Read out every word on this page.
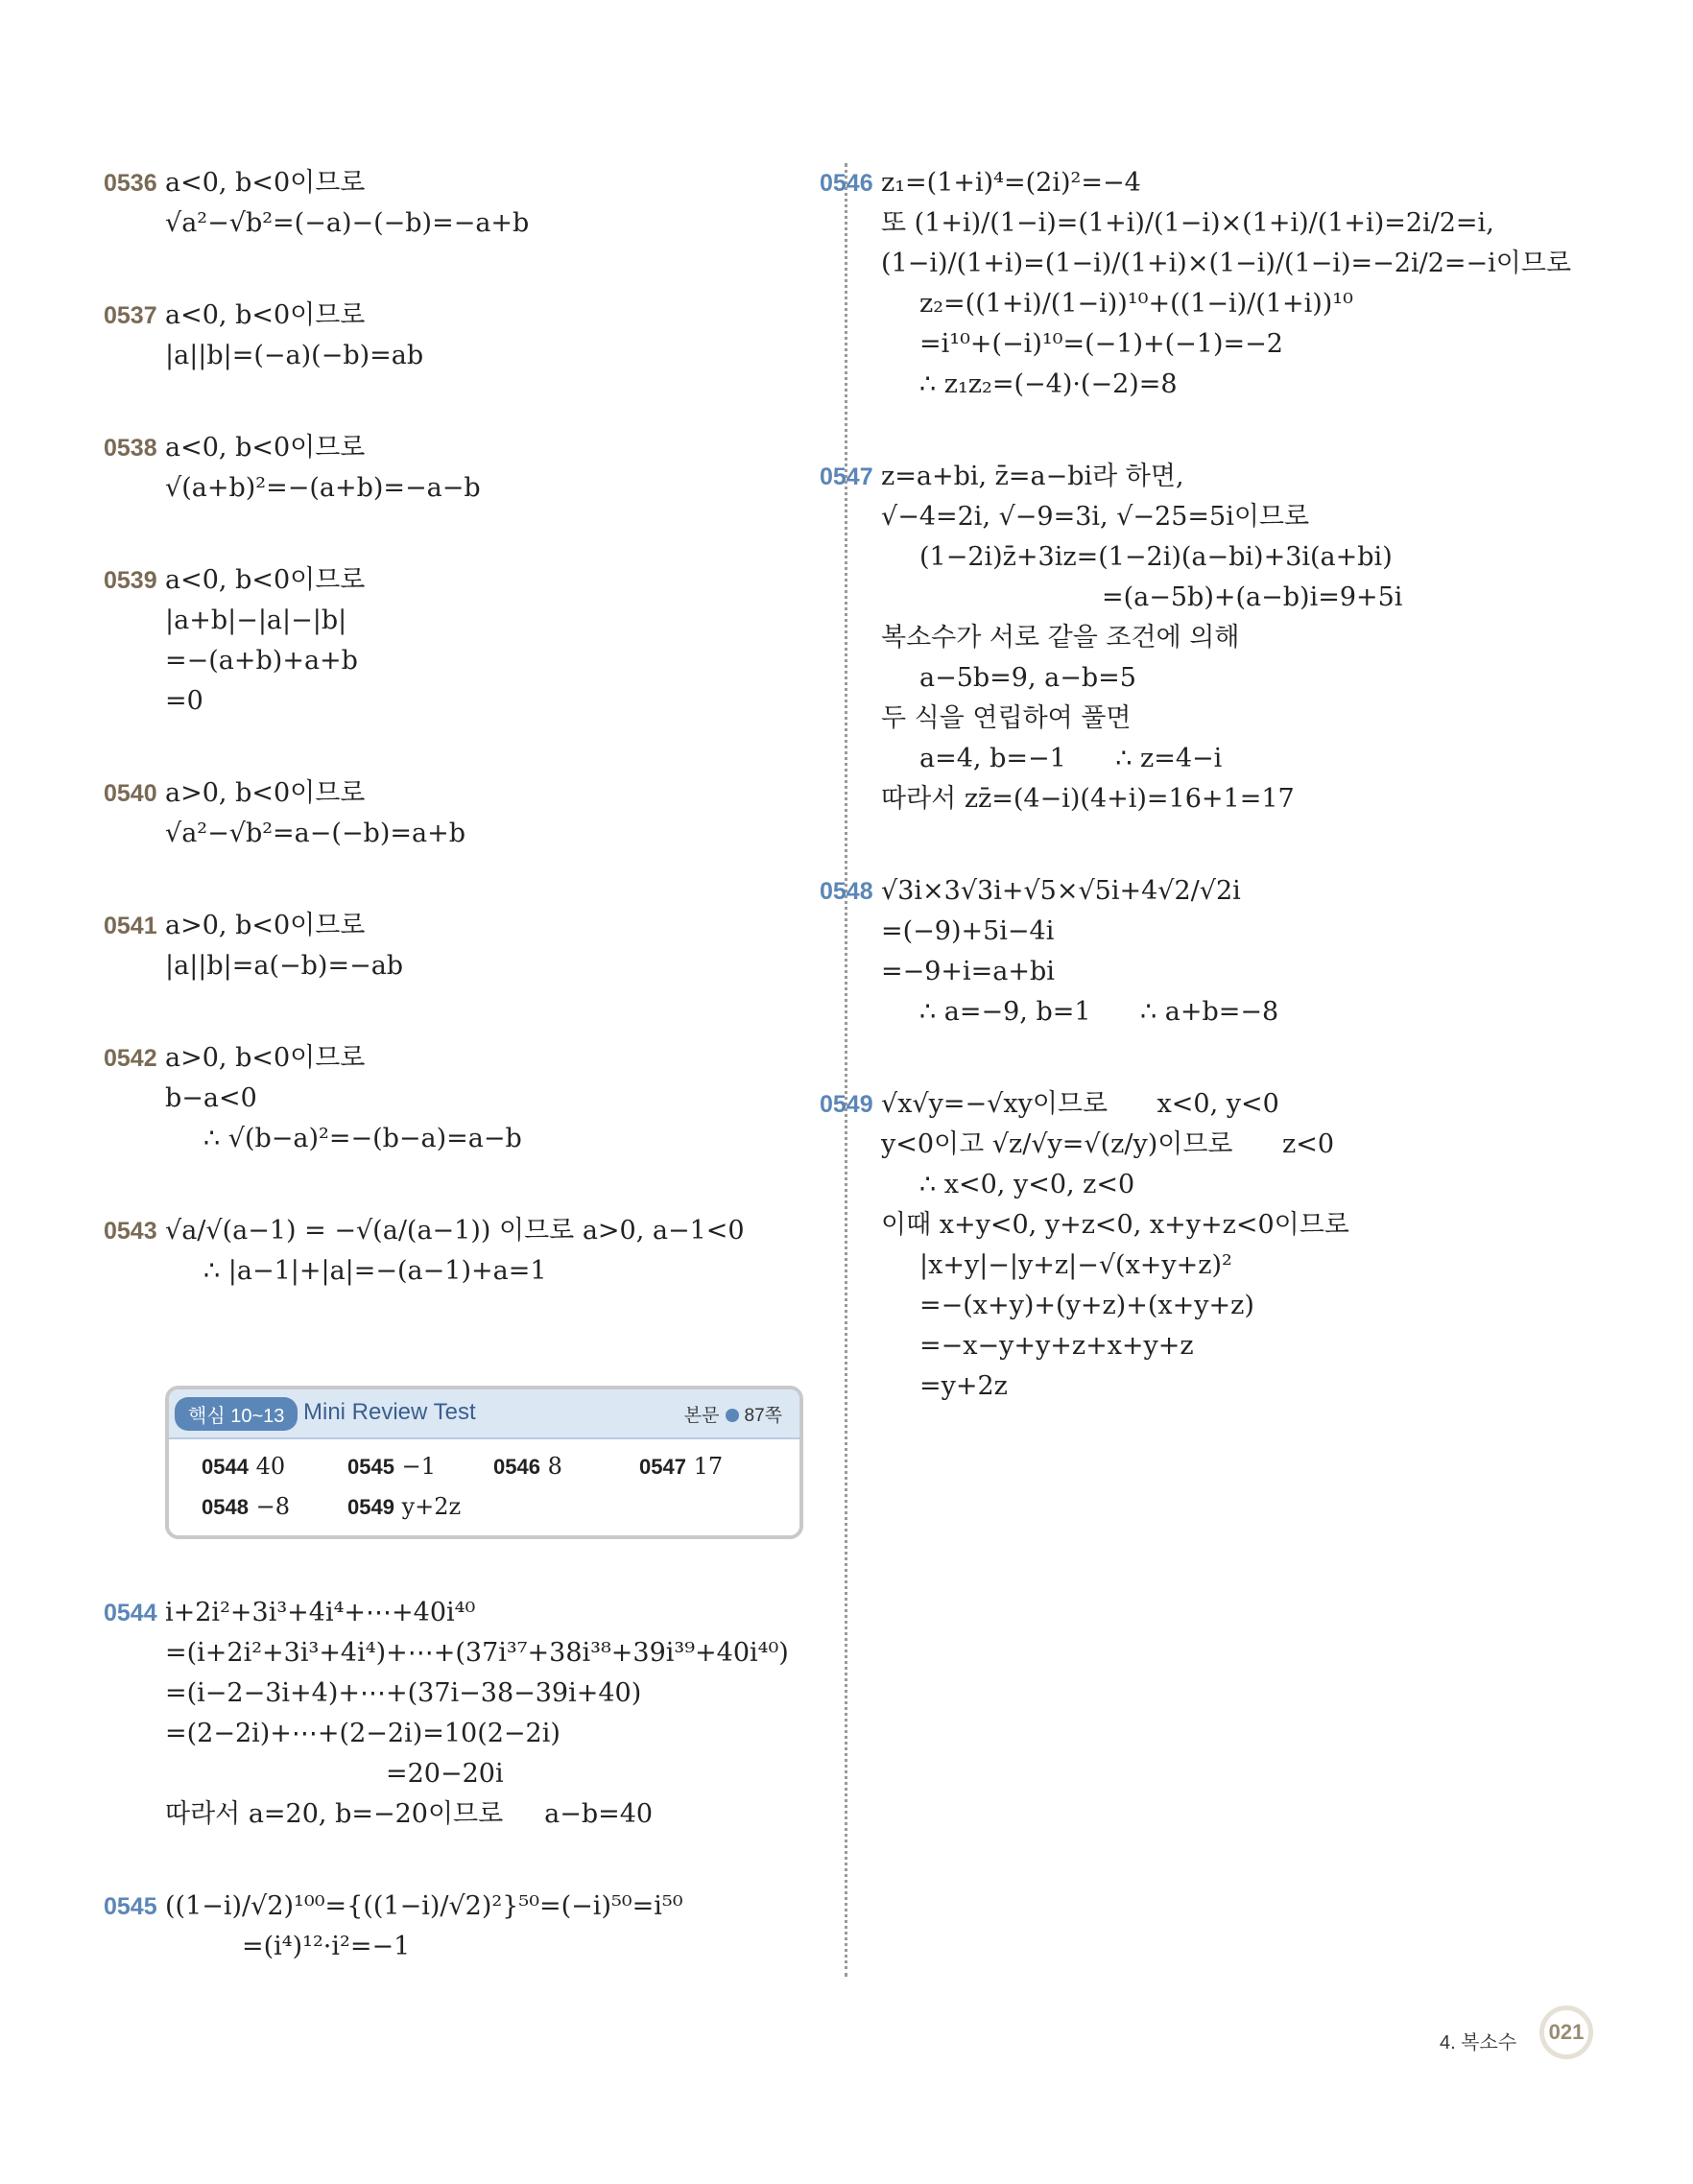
0536 a<0, b<0이므로
√a²−√b²=(−a)−(−b)=−a+b
0537 a<0, b<0이므로
|a||b|=(−a)(−b)=ab
0538 a<0, b<0이므로
√(a+b)²=−(a+b)=−a−b
0539 a<0, b<0이므로
|a+b|−|a|−|b|
=−(a+b)+a+b
=0
0540 a>0, b<0이므로
√a²−√b²=a−(−b)=a+b
0541 a>0, b<0이므로
|a||b|=a(−b)=−ab
0542 a>0, b<0이므로
b−a<0
∴ √(b−a)²=−(b−a)=a−b
0543 √a/√(a−1) = −√(a/(a−1)) 이므로 a>0, a−1<0
∴ |a−1|+|a|=−(a−1)+a=1
핵심 10~13 Mini Review Test	본문 87쪽
0544 40	0545 −1	0546 8	0547 17
0548 −8	0549 y+2z
0544 i+2i²+3i³+4i⁴+⋯+40i⁴⁰
=(i+2i²+3i³+4i⁴)+⋯+(37i³⁷+38i³⁸+39i³⁹+40i⁴⁰)
=(i−2−3i+4)+⋯+(37i−38−39i+40)
=(2−2i)+⋯+(2−2i)=10(2−2i)
=20−20i
따라서 a=20, b=−20이므로     a−b=40
0545 ((1−i)/√2)¹⁰⁰={((1−i)/√2)²}⁵⁰=(−i)⁵⁰=i⁵⁰
=(i⁴)¹²·i²=−1
0546 z₁=(1+i)⁴=(2i)²=−4
또 (1+i)/(1−i)=(1+i)/(1−i)×(1+i)/(1+i)=2i/2=i,
(1−i)/(1+i)=(1−i)/(1+i)×(1−i)/(1−i)=−2i/2=−i이므로
z₂=((1+i)/(1−i))¹⁰+((1−i)/(1+i))¹⁰
=i¹⁰+(−i)¹⁰=(−1)+(−1)=−2
∴ z₁z₂=(−4)·(−2)=8
0547 z=a+bi, z̄=a−bi라 하면,
√−4=2i, √−9=3i, √−25=5i이므로
(1−2i)z̄+3iz=(1−2i)(a−bi)+3i(a+bi)
=(a−5b)+(a−b)i=9+5i
복소수가 서로 같을 조건에 의해
a−5b=9, a−b=5
두 식을 연립하여 풀면
a=4, b=−1      ∴ z=4−i
따라서 zz̄=(4−i)(4+i)=16+1=17
0548 √3i×3√3i+√5×√5i+4√2/√2i
=(−9)+5i−4i
=−9+i=a+bi
∴ a=−9, b=1      ∴ a+b=−8
0549 √x√y=−√xy이므로      x<0, y<0
y<0이고 √z/√y=√(z/y)이므로      z<0
∴ x<0, y<0, z<0
이때 x+y<0, y+z<0, x+y+z<0이므로
|x+y|−|y+z|−√(x+y+z)²
=−(x+y)+(y+z)+(x+y+z)
=−x−y+y+z+x+y+z
=y+2z
4. 복소수	021
